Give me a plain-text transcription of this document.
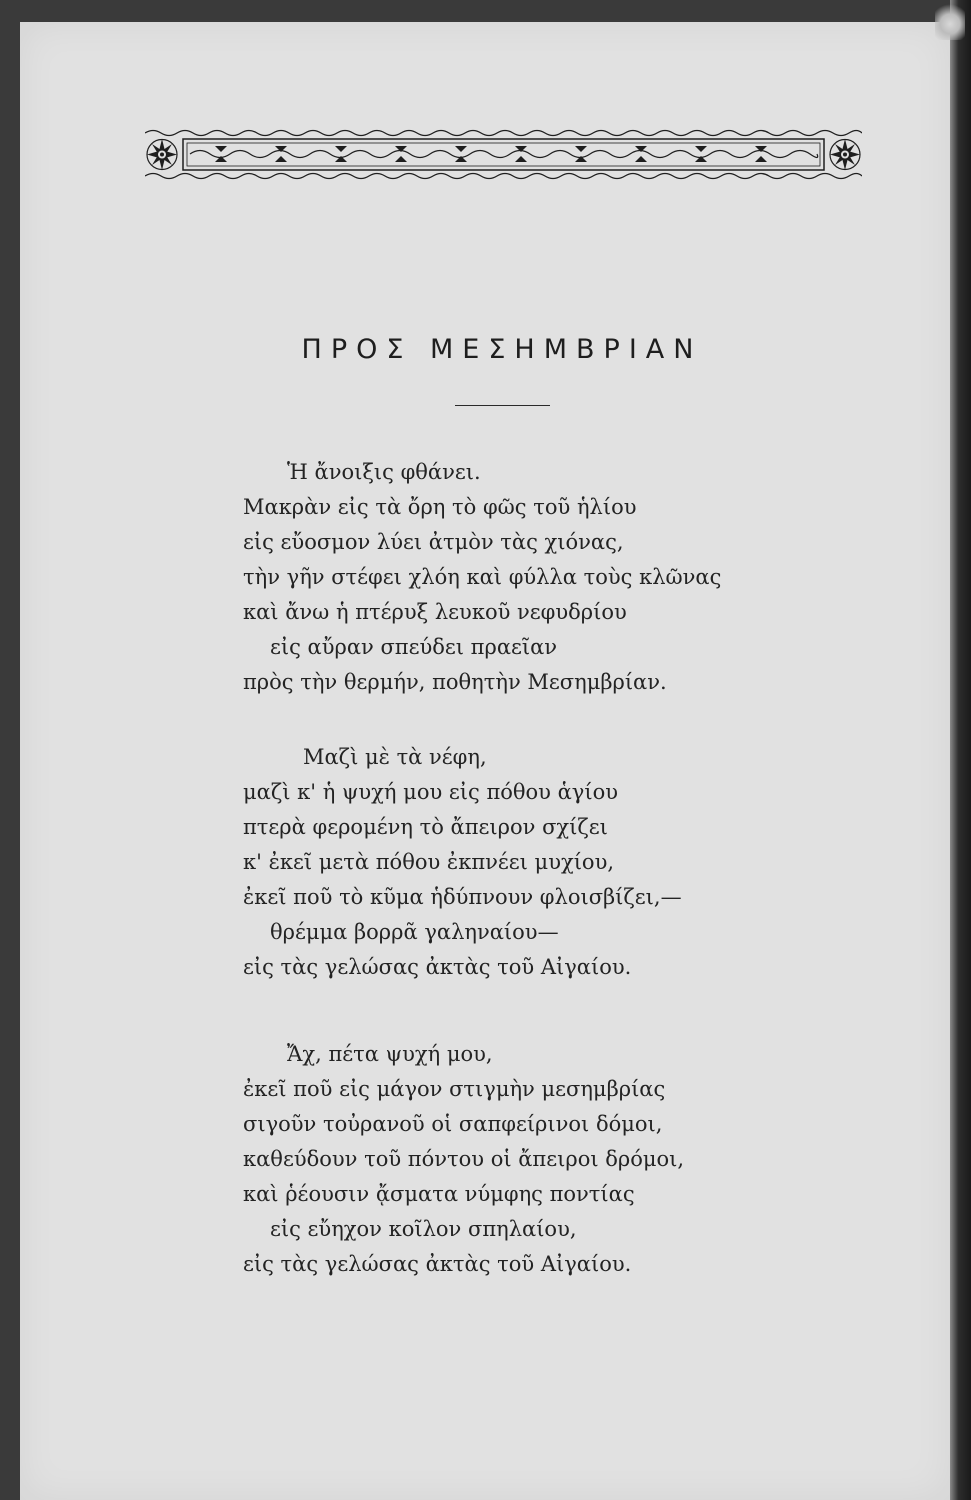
ΠΡΟΣ ΜΕΣΗΜΒΡΙΑΝ
Ἡ ἄνοιξις φθάνει.
Μακρὰν εἰς τὰ ὄρη τὸ φῶς τοῦ ἡλίου
εἰς εὔοσμον λύει ἀτμὸν τὰς χιόνας,
τὴν γῆν στέφει χλόη καὶ φύλλα τοὺς κλῶνας
καὶ ἄνω ἡ πτέρυξ λευκοῦ νεφυδρίου
εἰς αὔραν σπεύδει πραεῖαν
πρὸς τὴν θερμήν, ποθητὴν Μεσημβρίαν.
Μαζὶ μὲ τὰ νέφη,
μαζὶ κ' ἡ ψυχή μου εἰς πόθου ἁγίου
πτερὰ φερομένη τὸ ἄπειρον σχίζει
κ' ἐκεῖ μετὰ πόθου ἐκπνέει μυχίου,
ἐκεῖ ποῦ τὸ κῦμα ἡδύπνουν φλοισβίζει,—
θρέμμα βορρᾶ γαληναίου—
εἰς τὰς γελώσας ἀκτὰς τοῦ Αἰγαίου.
Ἄχ, πέτα ψυχή μου,
ἐκεῖ ποῦ εἰς μάγον στιγμὴν μεσημβρίας
σιγοῦν τοὐρανοῦ οἱ σαπφείρινοι δόμοι,
καθεύδουν τοῦ πόντου οἱ ἄπειροι δρόμοι,
καὶ ῥέουσιν ᾄσματα νύμφης ποντίας
εἰς εὔηχον κοῖλον σπηλαίου,
εἰς τὰς γελώσας ἀκτὰς τοῦ Αἰγαίου.
